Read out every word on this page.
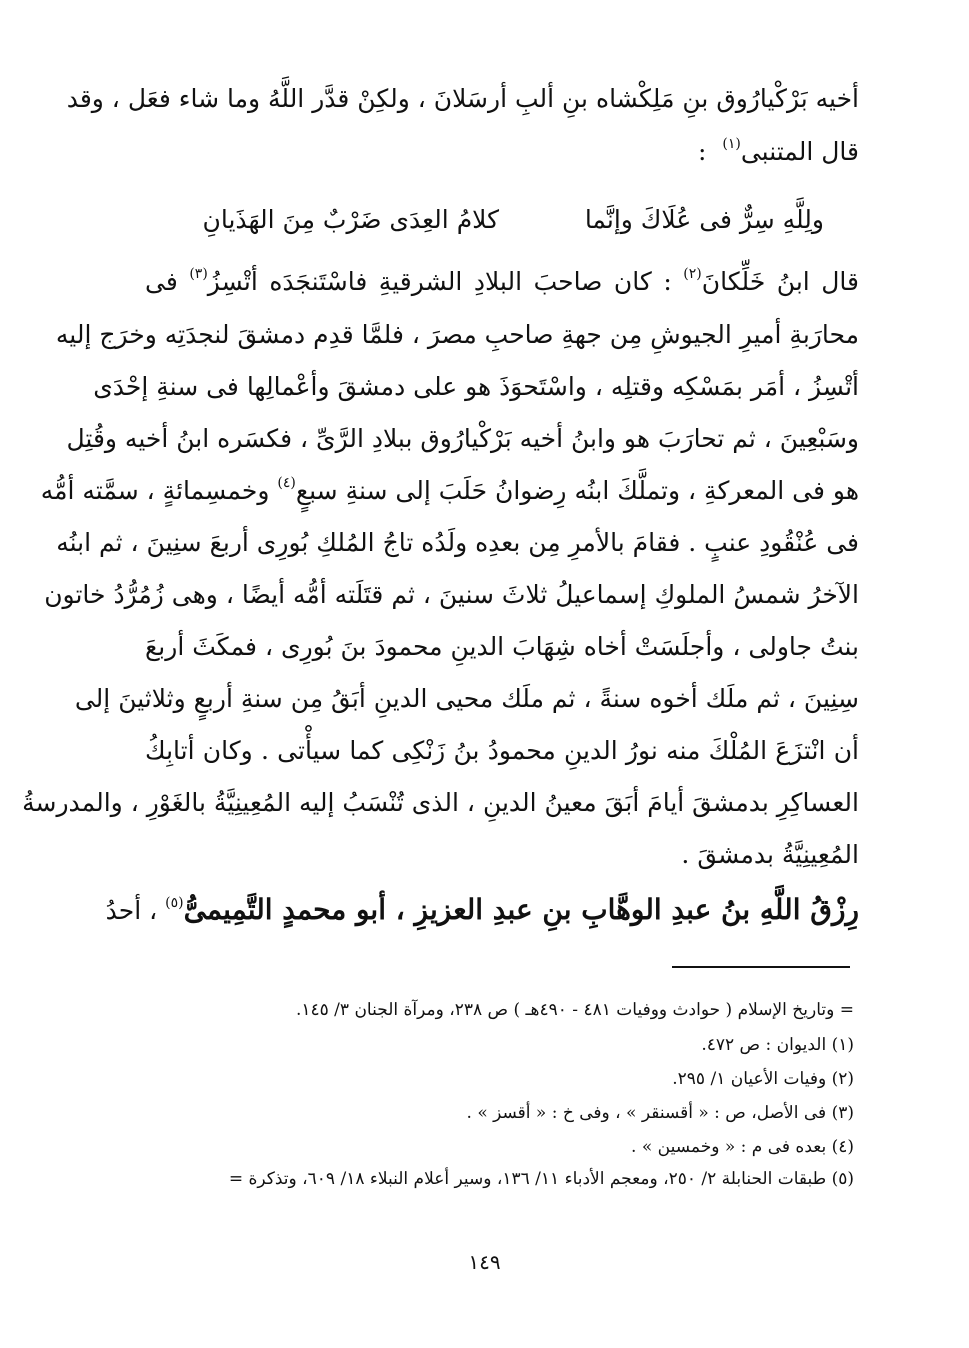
أخيه بَرْكْيارُوق بنِ مَلِكْشاه بنِ ألبِ أرسَلانَ ، ولكِنْ قدَّر اللَّهُ وما شاء فعَل ، وقد
قال المتنبى$^{(١)}$ :
ولِلَّهِ سِرٌّ فى عُلَاكَ وإنَّما
كلامُ العِدَى ضَرْبٌ مِنَ الهَذَيانِ
قال ابنُ خَلِّكانَ$^{(٢)}$ : كان صاحبَ البلادِ الشرقيةِ فاسْتَنجَدَه أتْسِزُ$^{(٣)}$ فى
محارَبةِ أميرِ الجيوشِ مِن جهةِ صاحبِ مصرَ ، فلمَّا قدِم دمشقَ لنجدَتِه وخرَج إليه
أتْسِزُ ، أمَر بمَسْكِه وقتلِه ، واسْتَحوَذَ هو على دمشقَ وأعْمالِها فى سنةِ إحْدَى
وسَبْعِينَ ، ثم تحارَبَ هو وابنُ أخيه بَرْكْيارُوق ببلادِ الرَّىِّ ، فكسَره ابنُ أخيه وقُتِل
هو فى المعركةِ ، وتملَّكَ ابنُه رِضوانُ حَلَبَ إلى سنةِ سبعٍ$^{(٤)}$ وخمسِمائةٍ ، سمَّته أمُّه
فى عُنْقُودِ عنبٍ . فقامَ بالأمرِ مِن بعدِه ولَدُه تاجُ المُلكِ بُورِى أربعَ سنِينَ ، ثم ابنُه
الآخرُ شمسُ الملوكِ إسماعيلُ ثلاثَ سنينَ ، ثم قتَلَته أمُّه أيضًا ، وهى زُمُرُّدُ خاتون
بنتُ جاولى ، وأجلَسَتْ أخاه شِهَابَ الدينِ محمودَ بنَ بُورِى ، فمكَثَ أربعَ
سِنِينَ ، ثم ملَك أخوه سنةً ، ثم ملَك محيى الدينِ أبَقُ مِن سنةِ أربعٍ وثلاثينَ إلى
أن انْتزَعَ المُلْكَ منه نورُ الدينِ محمودُ بنُ زَنْكِى كما سيأْتى . وكان أتابِكُ
العساكِرِ بدمشقَ أيامَ أبَقَ معينُ الدينِ ، الذى تُنْسَبُ إليه المُعِينِيَّةُ بالغَوْرِ ، والمدرسةُ
المُعِينِيَّةُ بدمشقَ .
رِزْقُ اللَّهِ بنُ عبدِ الوهَّابِ بنِ عبدِ العزيزِ ، أبو محمدٍ التَّمِيمىُّ$^{(٥)}$ ، أحدُ
= وتاريخ الإسلام ( حوادث ووفيات ٤٨١ - ٤٩٠هـ ) ص ٢٣٨، ومرآة الجنان ٣/ ١٤٥.
(١) الديوان : ص ٤٧٢.
(٢) وفيات الأعيان ١/ ٢٩٥.
(٣) فى الأصل، ص : « أقسنقر » ، وفى خ : « أقسز » .
(٤) بعده فى م : « وخمسين » .
(٥) طبقات الحنابلة ٢/ ٢٥٠، ومعجم الأدباء ١١/ ١٣٦، وسير أعلام النبلاء ١٨/ ٦٠٩، وتذكرة =
١٤٩
